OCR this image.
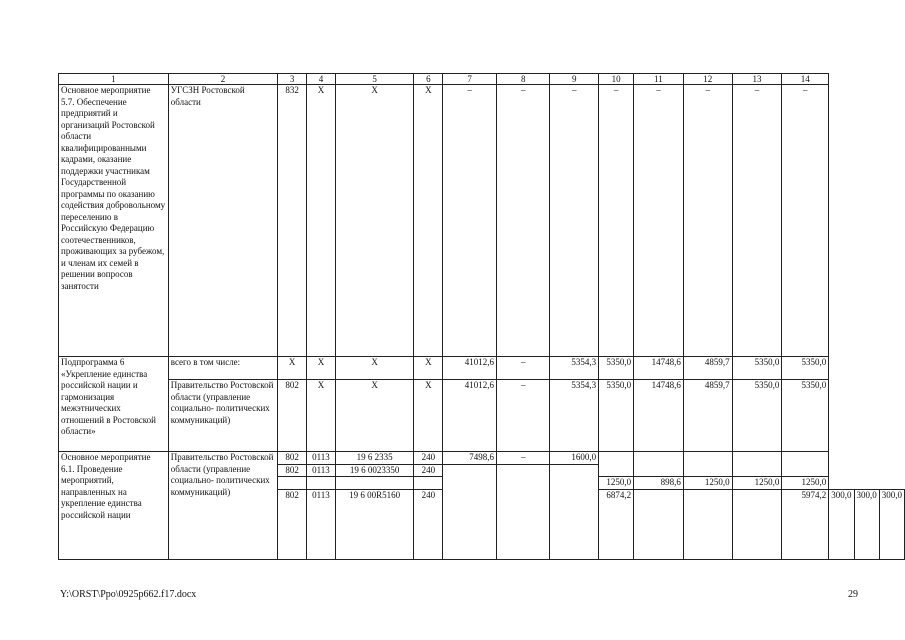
1	2	3	4	5	6	7	8	9	10	11	12	13	14			
Основное мероприятие 5.7. Обеспечение предприятий и организаций Ростовской области квалифицированными кадрами, оказание поддержки участникам Государственной программы по оказанию содействия добровольному переселению в Российскую Федерацию соотечественников, проживающих за рубежом, и членам их семей в решении вопросов занятости	УГСЗН Ростовской области	832	Х	Х	Х	–	–	–	–	–	–	–	–			
Подпрограмма 6 «Укрепление единства российской нации и гармонизация межэтнических отношений в Ростовской области»	всего в том числе:	Х	Х	Х	Х	41012,6	–	5354,3	5350,0	14748,6	4859,7	5350,0	5350,0			
	Правительство Ростовской области (управление социально- политических коммуникаций)	802	Х	Х	Х	41012,6	–	5354,3	5350,0	14748,6	4859,7	5350,0	5350,0			
Основное мероприятие 6.1. Проведение мероприятий, направленных на укрепление единства российской нации	Правительство Ростовской области (управление социально- политических коммуникаций)	802	0113	19 6 2335	240	7498,6	–	1600,0								
		802	0113	19 6 0023350	240											
									1250,0	898,6	1250,0	1250,0	1250,0			
		802	0113	19 6 00R5160	240				6874,2				5974,2	300,0	300,0	300,0
Y:\ORST\Ppo\0925p662.f17.docx	29
